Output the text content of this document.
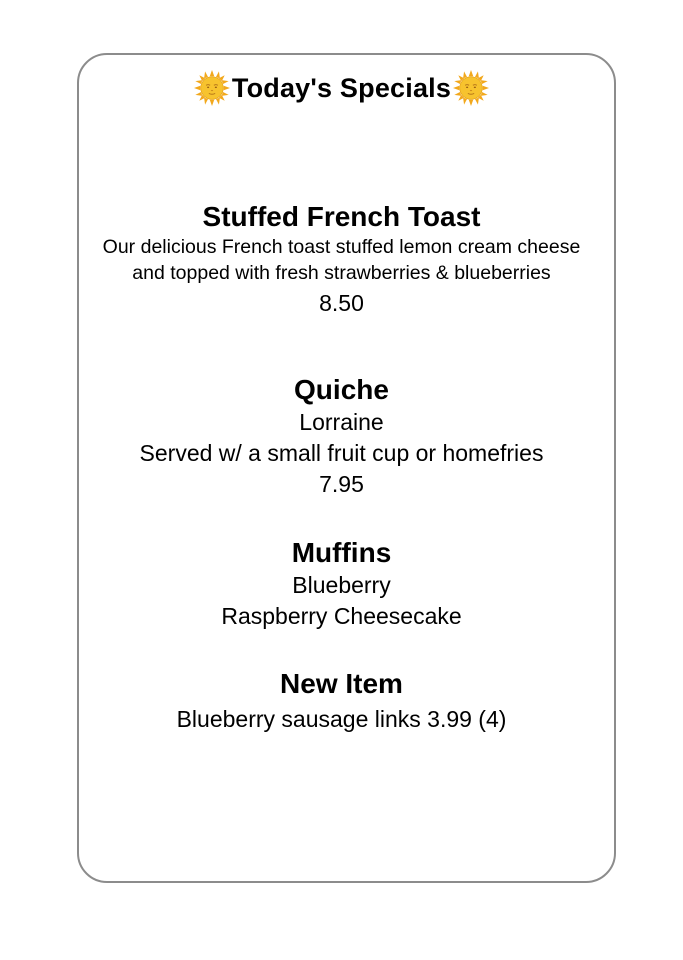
Today's Specials
Stuffed French Toast
Our delicious French toast stuffed lemon cream cheese and topped with fresh strawberries & blueberries
8.50
Quiche
Lorraine
Served w/ a small fruit cup or homefries
7.95
Muffins
Blueberry
Raspberry Cheesecake
New Item
Blueberry sausage links 3.99 (4)
